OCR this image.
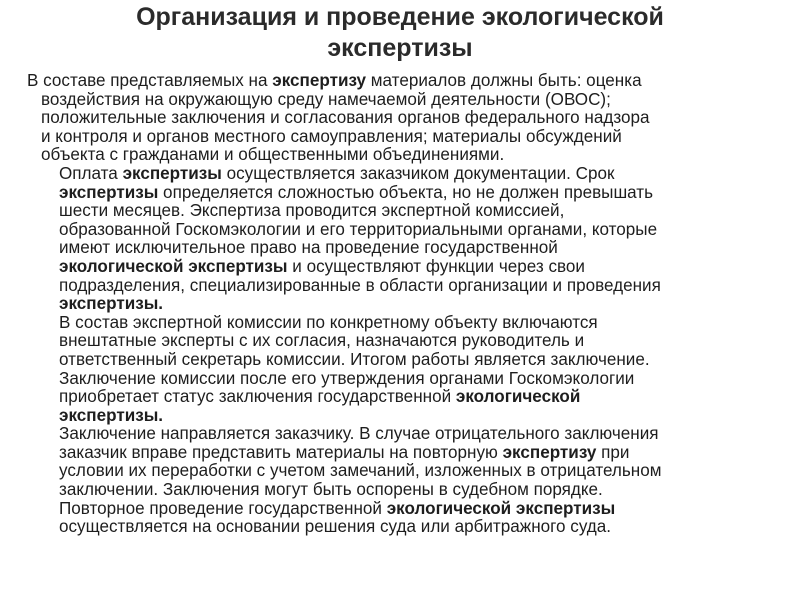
Организация и проведение экологической
экспертизы
В составе представляемых на экспертизу материалов должны быть: оценка
воздействия на окружающую среду намечаемой деятельности (ОВОС);
положительные заключения и согласования органов федерального надзора
и контроля и органов местного самоуправления; материалы обсуждений
объекта с гражданами и общественными объединениями.
Оплата экспертизы осуществляется заказчиком документации. Срок
экспертизы определяется сложностью объекта, но не должен превышать
шести месяцев. Экспертиза проводится экспертной комиссией,
образованной Госкомэкологии и его территориальными органами, которые
имеют исключительное право на проведение государственной
экологической экспертизы и осуществляют функции через свои
подразделения, специализированные в области организации и проведения
экспертизы.
В состав экспертной комиссии по конкретному объекту включаются
внештатные эксперты с их согласия, назначаются руководитель и
ответственный секретарь комиссии. Итогом работы является заключение.
Заключение комиссии после его утверждения органами Госкомэкологии
приобретает статус заключения государственной экологической
экспертизы.
Заключение направляется заказчику. В случае отрицательного заключения
заказчик вправе представить материалы на повторную экспертизу при
условии их переработки с учетом замечаний, изложенных в отрицательном
заключении. Заключения могут быть оспорены в судебном порядке.
Повторное проведение государственной экологической экспертизы
осуществляется на основании решения суда или арбитражного суда.
